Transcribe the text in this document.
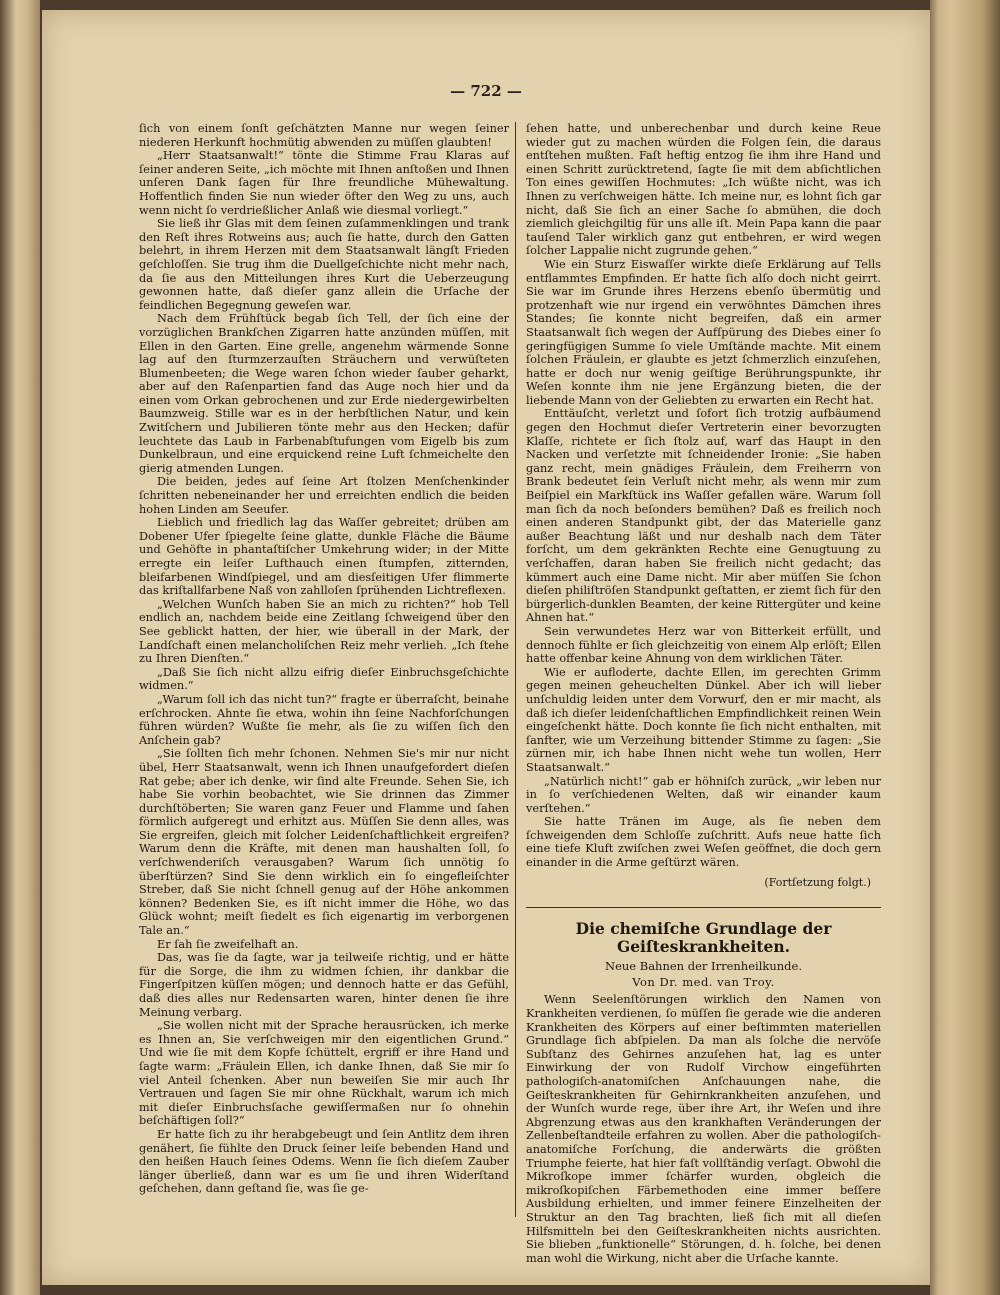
— 722 —

ſich von einem ſonſt geſchätzten Manne nur wegen ſeiner niederen Herkunft hochmütig abwenden zu müſſen glaubten!

„Herr Staatsanwalt!“ tönte die Stimme Frau Klaras auf ſeiner anderen Seite, „ich möchte mit Ihnen anſtoßen und Ihnen unſeren Dank ſagen für Ihre freundliche Mühewaltung. Hoffentlich finden Sie nun wieder öfter den Weg zu uns, auch wenn nicht ſo verdrießlicher Anlaß wie diesmal vorliegt.“

Sie ließ ihr Glas mit dem ſeinen zuſammenklingen und trank den Reſt ihres Rotweins aus; auch ſie hatte, durch den Gatten belehrt, in ihrem Herzen mit dem Staatsanwalt längſt Frieden geſchloſſen. Sie trug ihm die Duellgeſchichte nicht mehr nach, da ſie aus den Mitteilungen ihres Kurt die Ueberzeugung gewonnen hatte, daß dieſer ganz allein die Urſache der feindlichen Begegnung geweſen war.

Nach dem Frühſtück begab ſich Tell, der ſich eine der vorzüglichen Brankſchen Zigarren hatte anzünden müſſen, mit Ellen in den Garten. Eine grelle, angenehm wärmende Sonne lag auf den ſturmzerzauſten Sträuchern und verwüſteten Blumenbeeten; die Wege waren ſchon wieder ſauber geharkt, aber auf den Raſenpartien fand das Auge noch hier und da einen vom Orkan gebrochenen und zur Erde niedergewirbelten Baumzweig. Stille war es in der herbſtlichen Natur, und kein Zwitſchern und Jubilieren tönte mehr aus den Hecken; dafür leuchtete das Laub in Farbenabſtufungen vom Eigelb bis zum Dunkelbraun, und eine erquickend reine Luft ſchmeichelte den gierig atmenden Lungen.

Die beiden, jedes auf ſeine Art ſtolzen Menſchenkinder ſchritten nebeneinander her und erreichten endlich die beiden hohen Linden am Seeufer.

Lieblich und friedlich lag das Waſſer gebreitet; drüben am Dobener Ufer ſpiegelte ſeine glatte, dunkle Fläche die Bäume und Gehöfte in phantaſtiſcher Umkehrung wider; in der Mitte erregte ein leiſer Lufthauch einen ſtumpfen, zitternden, bleifarbenen Windſpiegel, und am diesſeitigen Ufer flimmerte das kriſtallfarbene Naß von zahlloſen ſprühenden Lichtreflexen.

„Welchen Wunſch haben Sie an mich zu richten?“ hob Tell endlich an, nachdem beide eine Zeitlang ſchweigend über den See geblickt hatten, der hier, wie überall in der Mark, der Landſchaft einen melancholiſchen Reiz mehr verlieh. „Ich ſtehe zu Ihren Dienſten.“

„Daß Sie ſich nicht allzu eifrig dieſer Einbruchsgeſchichte widmen.“

„Warum ſoll ich das nicht tun?“ fragte er überraſcht, beinahe erſchrocken. Ahnte ſie etwa, wohin ihn ſeine Nachforſchungen führen würden? Wußte ſie mehr, als ſie zu wiſſen ſich den Anſchein gab?

„Sie ſollten ſich mehr ſchonen. Nehmen Sie's mir nur nicht übel, Herr Staatsanwalt, wenn ich Ihnen unaufgefordert dieſen Rat gebe; aber ich denke, wir ſind alte Freunde. Sehen Sie, ich habe Sie vorhin beobachtet, wie Sie drinnen das Zimmer durchſtöberten; Sie waren ganz Feuer und Flamme und ſahen förmlich aufgeregt und erhitzt aus. Müſſen Sie denn alles, was Sie ergreifen, gleich mit ſolcher Leidenſchaftlichkeit ergreifen? Warum denn die Kräfte, mit denen man haushalten ſoll, ſo verſchwenderiſch verausgaben? Warum ſich unnötig ſo überſtürzen? Sind Sie denn wirklich ein ſo eingefleiſchter Streber, daß Sie nicht ſchnell genug auf der Höhe ankommen können? Bedenken Sie, es iſt nicht immer die Höhe, wo das Glück wohnt; meiſt ſiedelt es ſich eigenartig im verborgenen Tale an.“

Er ſah ſie zweifelhaft an.

Das, was ſie da ſagte, war ja teilweiſe richtig, und er hätte für die Sorge, die ihm zu widmen ſchien, ihr dankbar die Fingerſpitzen küſſen mögen; und dennoch hatte er das Gefühl, daß dies alles nur Redensarten waren, hinter denen ſie ihre Meinung verbarg.

„Sie wollen nicht mit der Sprache herausrücken, ich merke es Ihnen an, Sie verſchweigen mir den eigentlichen Grund.“ Und wie ſie mit dem Kopfe ſchüttelt, ergriff er ihre Hand und ſagte warm: „Fräulein Ellen, ich danke Ihnen, daß Sie mir ſo viel Anteil ſchenken. Aber nun beweiſen Sie mir auch Ihr Vertrauen und ſagen Sie mir ohne Rückhalt, warum ich mich mit dieſer Einbruchsſache gewiſſermaßen nur ſo ohnehin beſchäftigen ſoll?“

Er hatte ſich zu ihr herabgebeugt und ſein Antlitz dem ihren genähert, ſie fühlte den Druck ſeiner leiſe bebenden Hand und den heißen Hauch ſeines Odems. Wenn ſie ſich dieſem Zauber länger überließ, dann war es um ſie und ihren Widerſtand geſchehen, dann geſtand ſie, was ſie ge-

ſehen hatte, und unberechenbar und durch keine Reue wieder gut zu machen würden die Folgen ſein, die daraus entſtehen mußten. Faſt heftig entzog ſie ihm ihre Hand und einen Schritt zurücktretend, ſagte ſie mit dem abſichtlichen Ton eines gewiſſen Hochmutes: „Ich wüßte nicht, was ich Ihnen zu verſchweigen hätte. Ich meine nur, es lohnt ſich gar nicht, daß Sie ſich an einer Sache ſo abmühen, die doch ziemlich gleichgiltig für uns alle iſt. Mein Papa kann die paar tauſend Taler wirklich ganz gut entbehren, er wird wegen ſolcher Lappalie nicht zugrunde gehen.“

Wie ein Sturz Eiswaſſer wirkte dieſe Erklärung auf Tells entflammtes Empfinden. Er hatte ſich alſo doch nicht geirrt. Sie war im Grunde ihres Herzens ebenſo übermütig und protzenhaft wie nur irgend ein verwöhntes Dämchen ihres Standes; ſie konnte nicht begreifen, daß ein armer Staatsanwalt ſich wegen der Aufſpürung des Diebes einer ſo geringfügigen Summe ſo viele Umſtände machte. Mit einem ſolchen Fräulein, er glaubte es jetzt ſchmerzlich einzuſehen, hatte er doch nur wenig geiſtige Berührungspunkte, ihr Weſen konnte ihm nie jene Ergänzung bieten, die der liebende Mann von der Geliebten zu erwarten ein Recht hat.

Enttäuſcht, verletzt und ſofort ſich trotzig aufbäumend gegen den Hochmut dieſer Vertreterin einer bevorzugten Klaſſe, richtete er ſich ſtolz auf, warf das Haupt in den Nacken und verſetzte mit ſchneidender Ironie: „Sie haben ganz recht, mein gnädiges Fräulein, dem Freiherrn von Brank bedeutet ſein Verluſt nicht mehr, als wenn mir zum Beiſpiel ein Markſtück ins Waſſer gefallen wäre. Warum ſoll man ſich da noch beſonders bemühen? Daß es freilich noch einen anderen Standpunkt gibt, der das Materielle ganz außer Beachtung läßt und nur deshalb nach dem Täter forſcht, um dem gekränkten Rechte eine Genugtuung zu verſchaffen, daran haben Sie freilich nicht gedacht; das kümmert auch eine Dame nicht. Mir aber müſſen Sie ſchon dieſen philiſtröſen Standpunkt geſtatten, er ziemt ſich für den bürgerlich-dunklen Beamten, der keine Rittergüter und keine Ahnen hat.“

Sein verwundetes Herz war von Bitterkeit erfüllt, und dennoch fühlte er ſich gleichzeitig von einem Alp erlöſt; Ellen hatte offenbar keine Ahnung von dem wirklichen Täter.

Wie er aufloderte, dachte Ellen, im gerechten Grimm gegen meinen geheuchelten Dünkel. Aber ich will lieber unſchuldig leiden unter dem Vorwurf, den er mir macht, als daß ich dieſer leidenſchaftlichen Empfindlichkeit reinen Wein eingeſchenkt hätte. Doch konnte ſie ſich nicht enthalten, mit ſanfter, wie um Verzeihung bittender Stimme zu ſagen: „Sie zürnen mir, ich habe Ihnen nicht wehe tun wollen, Herr Staatsanwalt.“

„Natürlich nicht!“ gab er höhniſch zurück, „wir leben nur in ſo verſchiedenen Welten, daß wir einander kaum verſtehen.“

Sie hatte Tränen im Auge, als ſie neben dem ſchweigenden dem Schloſſe zuſchritt. Aufs neue hatte ſich eine tiefe Kluft zwiſchen zwei Weſen geöffnet, die doch gern einander in die Arme geſtürzt wären.

(Fortſetzung folgt.)
Die chemiſche Grundlage der Geiſteskrankheiten.
Neue Bahnen der Irrenheilkunde.
Von Dr. med. van Troy.

Wenn Seelenſtörungen wirklich den Namen von Krankheiten verdienen, ſo müſſen ſie gerade wie die anderen Krankheiten des Körpers auf einer beſtimmten materiellen Grundlage ſich abſpielen. Da man als ſolche die nervöſe Subſtanz des Gehirnes anzuſehen hat, lag es unter Einwirkung der von Rudolf Virchow eingeführten pathologiſch-anatomiſchen Anſchauungen nahe, die Geiſteskrankheiten für Gehirnkrankheiten anzuſehen, und der Wunſch wurde rege, über ihre Art, ihr Weſen und ihre Abgrenzung etwas aus den krankhaften Veränderungen der Zellenbeſtandteile erfahren zu wollen. Aber die pathologiſch-anatomiſche Forſchung, die anderwärts die größten Triumphe feierte, hat hier faſt vollſtändig verſagt. Obwohl die Mikroſkope immer ſchärfer wurden, obgleich die mikroſkopiſchen Färbemethoden eine immer beſſere Ausbildung erhielten, und immer feinere Einzelheiten der Struktur an den Tag brachten, ließ ſich mit all dieſen Hilfsmitteln bei den Geiſteskrankheiten nichts ausrichten. Sie blieben „funktionelle“ Störungen, d. h. ſolche, bei denen man wohl die Wirkung, nicht aber die Urſache kannte.
